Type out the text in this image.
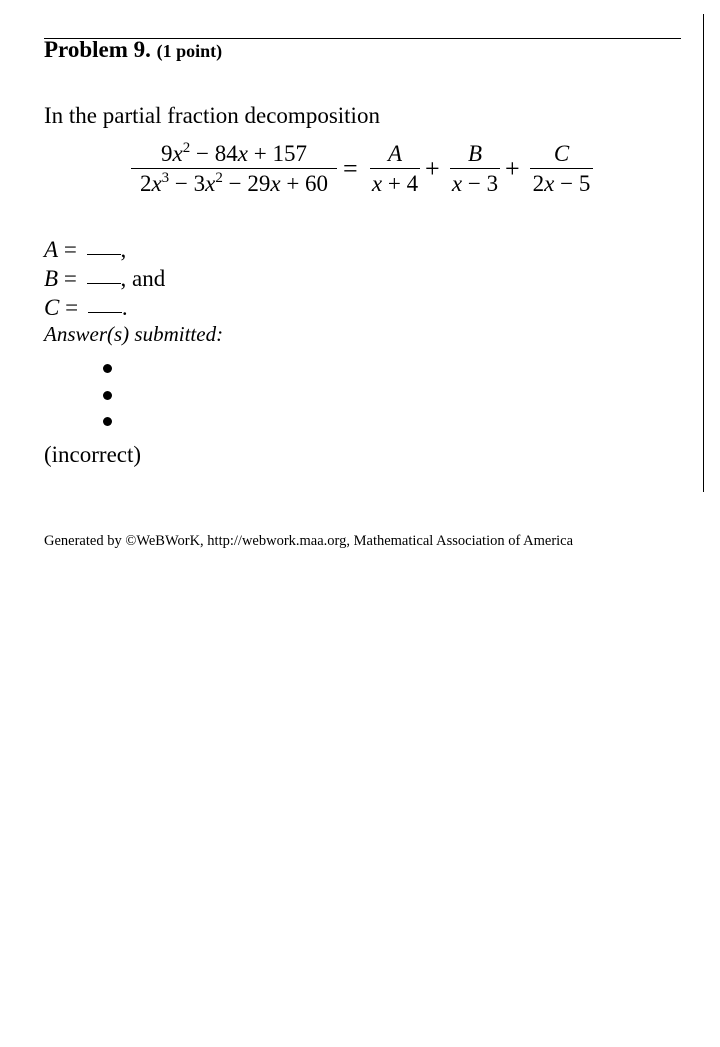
Problem 9. (1 point)
In the partial fraction decomposition
$9x^2 - 84x + 157$
$2x^3 - 3x^2 - 29x + 60$
=
A
x + 4
+
B
x − 3
+
C
2x − 5
A = ,
B = , and
C = .
Answer(s) submitted:
(incorrect)
Generated by ©WeBWorK, http://webwork.maa.org, Mathematical Association of America
